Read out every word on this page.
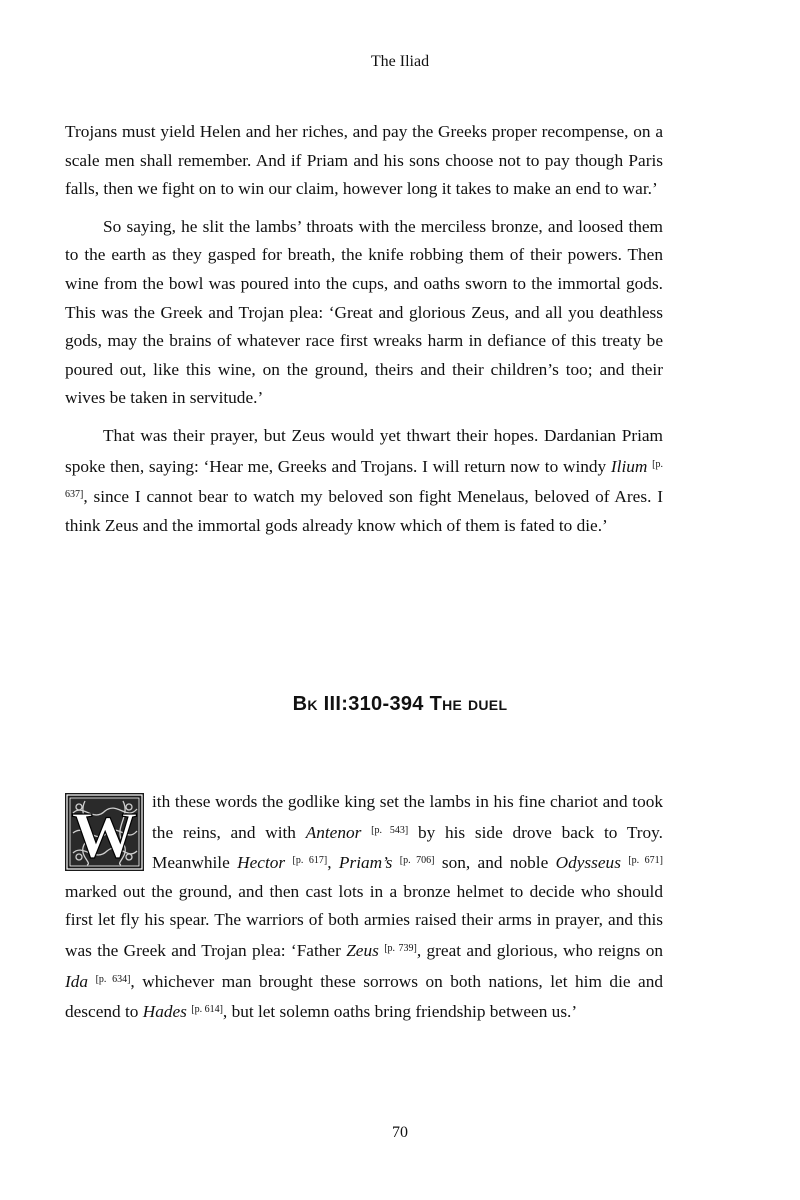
The Iliad

Trojans must yield Helen and her riches, and pay the Greeks proper recompense, on a scale men shall remember. And if Priam and his sons choose not to pay though Paris falls, then we fight on to win our claim, however long it takes to make an end to war.’

So saying, he slit the lambs’ throats with the merciless bronze, and loosed them to the earth as they gasped for breath, the knife robbing them of their powers. Then wine from the bowl was poured into the cups, and oaths sworn to the immortal gods. This was the Greek and Trojan plea: ‘Great and glorious Zeus, and all you deathless gods, may the brains of whatever race first wreaks harm in defiance of this treaty be poured out, like this wine, on the ground, theirs and their children’s too; and their wives be taken in servitude.’

That was their prayer, but Zeus would yet thwart their hopes. Dardanian Priam spoke then, saying: ‘Hear me, Greeks and Trojans. I will return now to windy Ilium [p. 637], since I cannot bear to watch my beloved son fight Menelaus, beloved of Ares. I think Zeus and the immortal gods already know which of them is fated to die.’

Bk III:310-394 The duel

W ith these words the godlike king set the lambs in his fine chariot and took the reins, and with Antenor [p. 543] by his side drove back to Troy. Meanwhile Hector [p. 617], Priam’s [p. 706] son, and noble Odysseus [p. 671] marked out the ground, and then cast lots in a bronze helmet to decide who should first let fly his spear. The warriors of both armies raised their arms in prayer, and this was the Greek and Trojan plea: ‘Father Zeus [p. 739], great and glorious, who reigns on Ida [p. 634], whichever man brought these sorrows on both nations, let him die and descend to Hades [p. 614], but let solemn oaths bring friendship between us.’

70
